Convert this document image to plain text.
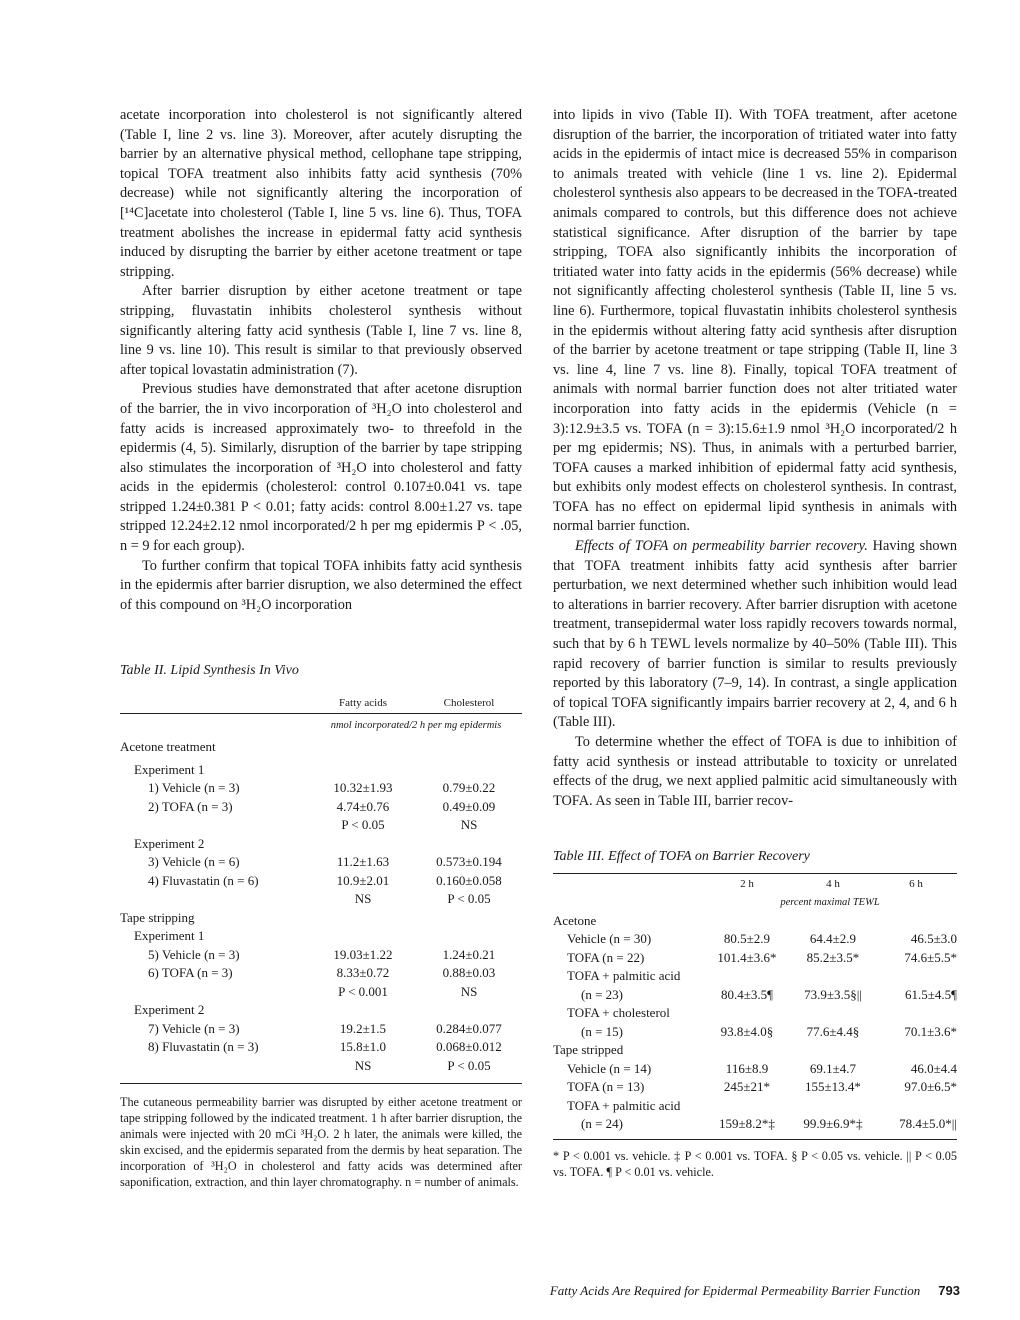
acetate incorporation into cholesterol is not significantly altered (Table I, line 2 vs. line 3). Moreover, after acutely disrupting the barrier by an alternative physical method, cellophane tape stripping, topical TOFA treatment also inhibits fatty acid synthesis (70% decrease) while not significantly altering the incorporation of [¹⁴C]acetate into cholesterol (Table I, line 5 vs. line 6). Thus, TOFA treatment abolishes the increase in epidermal fatty acid synthesis induced by disrupting the barrier by either acetone treatment or tape stripping.

After barrier disruption by either acetone treatment or tape stripping, fluvastatin inhibits cholesterol synthesis without significantly altering fatty acid synthesis (Table I, line 7 vs. line 8, line 9 vs. line 10). This result is similar to that previously observed after topical lovastatin administration (7).

Previous studies have demonstrated that after acetone disruption of the barrier, the in vivo incorporation of ³H₂O into cholesterol and fatty acids is increased approximately two- to threefold in the epidermis (4, 5). Similarly, disruption of the barrier by tape stripping also stimulates the incorporation of ³H₂O into cholesterol and fatty acids in the epidermis (cholesterol: control 0.107±0.041 vs. tape stripped 1.24±0.381 P < 0.01; fatty acids: control 8.00±1.27 vs. tape stripped 12.24±2.12 nmol incorporated/2 h per mg epidermis P < .05, n = 9 for each group).

To further confirm that topical TOFA inhibits fatty acid synthesis in the epidermis after barrier disruption, we also determined the effect of this compound on ³H₂O incorporation

Table II. Lipid Synthesis In Vivo
	Fatty acids	Cholesterol

	nmol incorporated/2 h per mg epidermis	
Acetone treatment		
Experiment 1		
1) Vehicle (n = 3)	10.32±1.93	0.79±0.22
2) TOFA (n = 3)	4.74±0.76	0.49±0.09
	P < 0.05	NS
Experiment 2		
3) Vehicle (n = 6)	11.2±1.63	0.573±0.194
4) Fluvastatin (n = 6)	10.9±2.01	0.160±0.058
	NS	P < 0.05
Tape stripping		
Experiment 1		
5) Vehicle (n = 3)	19.03±1.22	1.24±0.21
6) TOFA (n = 3)	8.33±0.72	0.88±0.03
	P < 0.001	NS
Experiment 2		
7) Vehicle (n = 3)	19.2±1.5	0.284±0.077
8) Fluvastatin (n = 3)	15.8±1.0	0.068±0.012
	NS	P < 0.05

The cutaneous permeability barrier was disrupted by either acetone treatment or tape stripping followed by the indicated treatment. 1 h after barrier disruption, the animals were injected with 20 mCi ³H₂O. 2 h later, the animals were killed, the skin excised, and the epidermis separated from the dermis by heat separation. The incorporation of ³H₂O in cholesterol and fatty acids was determined after saponification, extraction, and thin layer chromatography. n = number of animals.

into lipids in vivo (Table II). With TOFA treatment, after acetone disruption of the barrier, the incorporation of tritiated water into fatty acids in the epidermis of intact mice is decreased 55% in comparison to animals treated with vehicle (line 1 vs. line 2). Epidermal cholesterol synthesis also appears to be decreased in the TOFA-treated animals compared to controls, but this difference does not achieve statistical significance. After disruption of the barrier by tape stripping, TOFA also significantly inhibits the incorporation of tritiated water into fatty acids in the epidermis (56% decrease) while not significantly affecting cholesterol synthesis (Table II, line 5 vs. line 6). Furthermore, topical fluvastatin inhibits cholesterol synthesis in the epidermis without altering fatty acid synthesis after disruption of the barrier by acetone treatment or tape stripping (Table II, line 3 vs. line 4, line 7 vs. line 8). Finally, topical TOFA treatment of animals with normal barrier function does not alter tritiated water incorporation into fatty acids in the epidermis (Vehicle (n = 3):12.9±3.5 vs. TOFA (n = 3):15.6±1.9 nmol ³H₂O incorporated/2 h per mg epidermis; NS). Thus, in animals with a perturbed barrier, TOFA causes a marked inhibition of epidermal fatty acid synthesis, but exhibits only modest effects on cholesterol synthesis. In contrast, TOFA has no effect on epidermal lipid synthesis in animals with normal barrier function.

Effects of TOFA on permeability barrier recovery. Having shown that TOFA treatment inhibits fatty acid synthesis after barrier perturbation, we next determined whether such inhibition would lead to alterations in barrier recovery. After barrier disruption with acetone treatment, transepidermal water loss rapidly recovers towards normal, such that by 6 h TEWL levels normalize by 40–50% (Table III). This rapid recovery of barrier function is similar to results previously reported by this laboratory (7–9, 14). In contrast, a single application of topical TOFA significantly impairs barrier recovery at 2, 4, and 6 h (Table III).

To determine whether the effect of TOFA is due to inhibition of fatty acid synthesis or instead attributable to toxicity or unrelated effects of the drug, we next applied palmitic acid simultaneously with TOFA. As seen in Table III, barrier recov-

Table III. Effect of TOFA on Barrier Recovery
	2 h	4 h	6 h
	percent maximal TEWL		
Acetone			
Vehicle (n = 30)	80.5±2.9	64.4±2.9	46.5±3.0
TOFA (n = 22)	101.4±3.6*	85.2±3.5*	74.6±5.5*
TOFA + palmitic acid			
(n = 23)	80.4±3.5¶	73.9±3.5§||	61.5±4.5¶
TOFA + cholesterol			
(n = 15)	93.8±4.0§	77.6±4.4§	70.1±3.6*
Tape stripped			
Vehicle (n = 14)	116±8.9	69.1±4.7	46.0±4.4
TOFA (n = 13)	245±21*	155±13.4*	97.0±6.5*
TOFA + palmitic acid			
(n = 24)	159±8.2*‡	99.9±6.9*‡	78.4±5.0*||

* P < 0.001 vs. vehicle. ‡ P < 0.001 vs. TOFA. § P < 0.05 vs. vehicle. || P < 0.05 vs. TOFA. ¶ P < 0.01 vs. vehicle.

Fatty Acids Are Required for Epidermal Permeability Barrier Function 793
